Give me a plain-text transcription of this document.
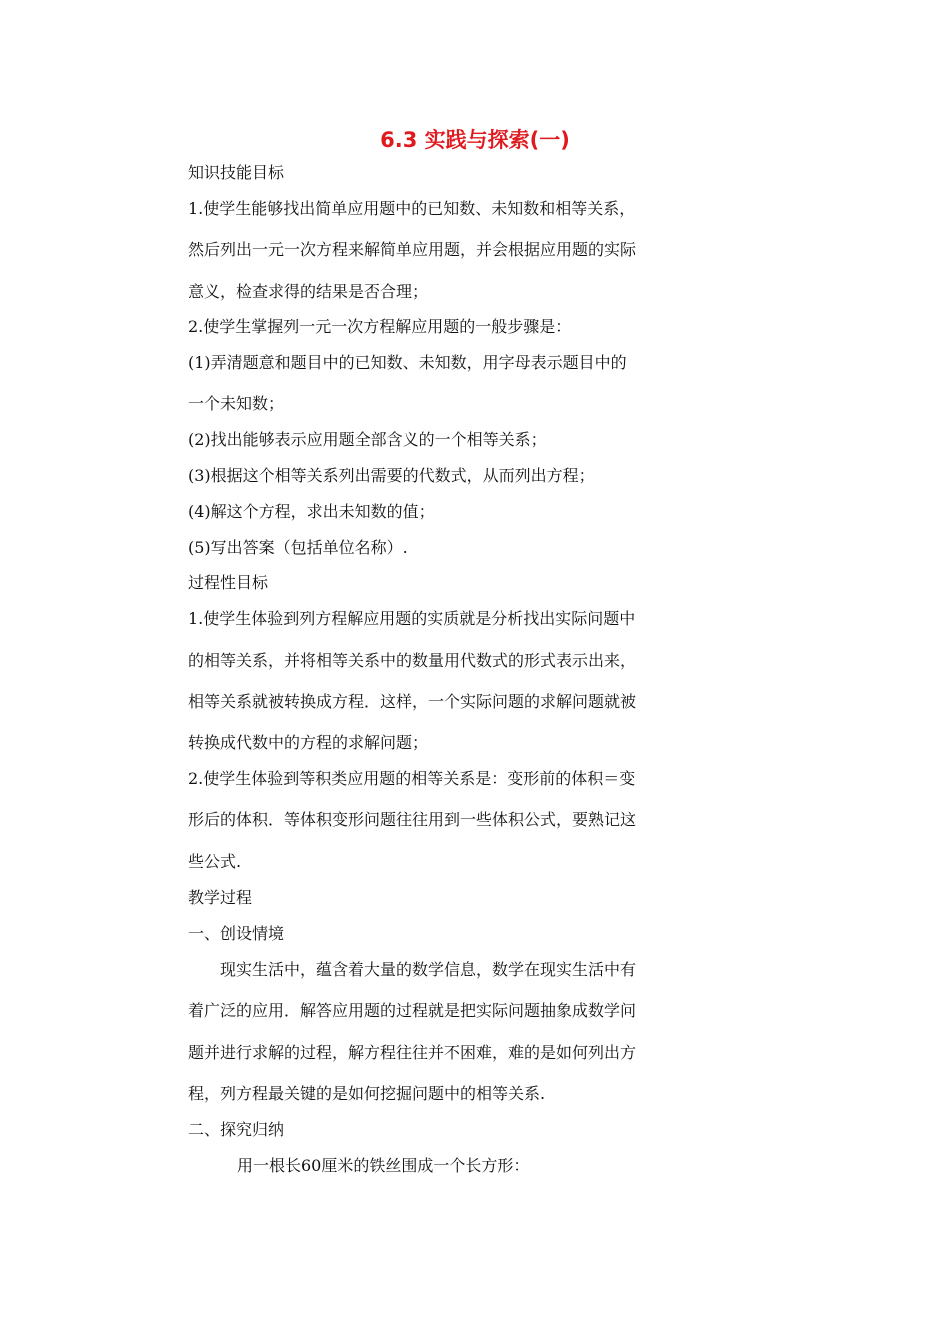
6.3 实践与探索(一)
知识技能目标
1.使学生能够找出简单应用题中的已知数、未知数和相等关系，
然后列出一元一次方程来解简单应用题，并会根据应用题的实际
意义，检查求得的结果是否合理；
2.使学生掌握列一元一次方程解应用题的一般步骤是：
(1)弄清题意和题目中的已知数、未知数，用字母表示题目中的
一个未知数；
(2)找出能够表示应用题全部含义的一个相等关系；
(3)根据这个相等关系列出需要的代数式，从而列出方程；
(4)解这个方程，求出未知数的值；
(5)写出答案（包括单位名称）.
过程性目标
1.使学生体验到列方程解应用题的实质就是分析找出实际问题中
的相等关系，并将相等关系中的数量用代数式的形式表示出来，
相等关系就被转换成方程．这样，一个实际问题的求解问题就被
转换成代数中的方程的求解问题；
2.使学生体验到等积类应用题的相等关系是：变形前的体积＝变
形后的体积．等体积变形问题往往用到一些体积公式，要熟记这
些公式.
教学过程
一、创设情境
现实生活中，蕴含着大量的数学信息，数学在现实生活中有
着广泛的应用．解答应用题的过程就是把实际问题抽象成数学问
题并进行求解的过程，解方程往往并不困难，难的是如何列出方
程，列方程最关键的是如何挖掘问题中的相等关系.
二、探究归纳
用一根长60厘米的铁丝围成一个长方形：
